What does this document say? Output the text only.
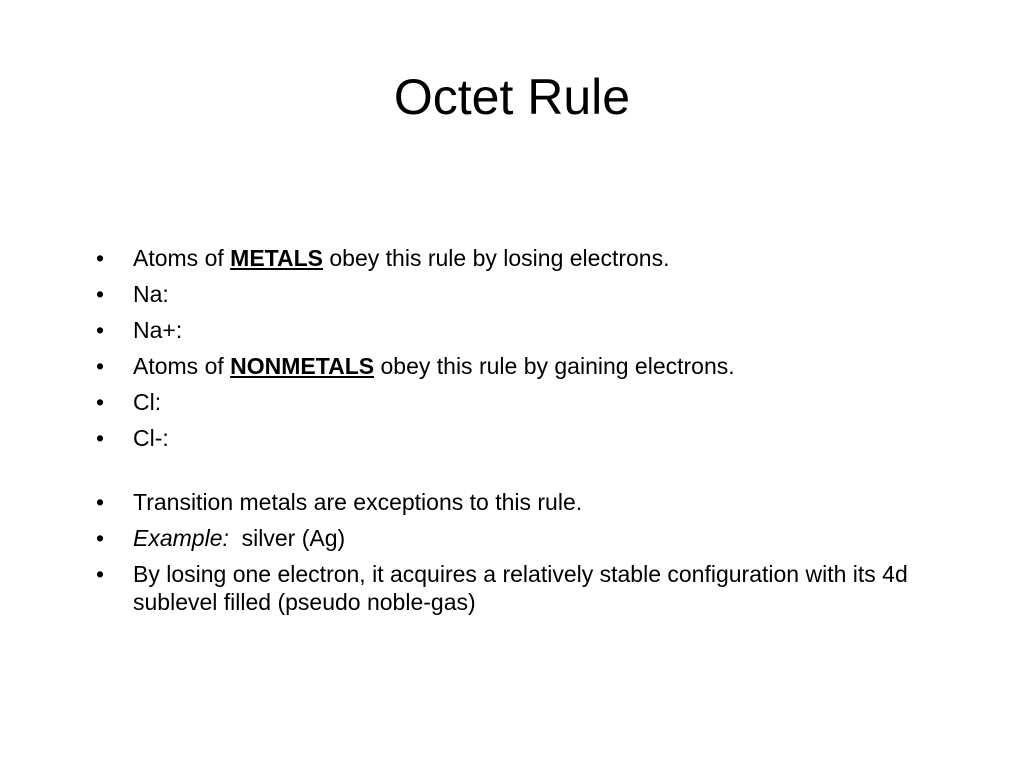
Octet Rule
•	Atoms of METALS obey this rule by losing electrons.
•	Na:
•	Na+:
•	Atoms of NONMETALS obey this rule by gaining electrons.
•	Cl:
•	Cl-:
•	Transition metals are exceptions to this rule.
•	Example:  silver (Ag)
•	By losing one electron, it acquires a relatively stable configuration with its 4d sublevel filled (pseudo noble-gas)
